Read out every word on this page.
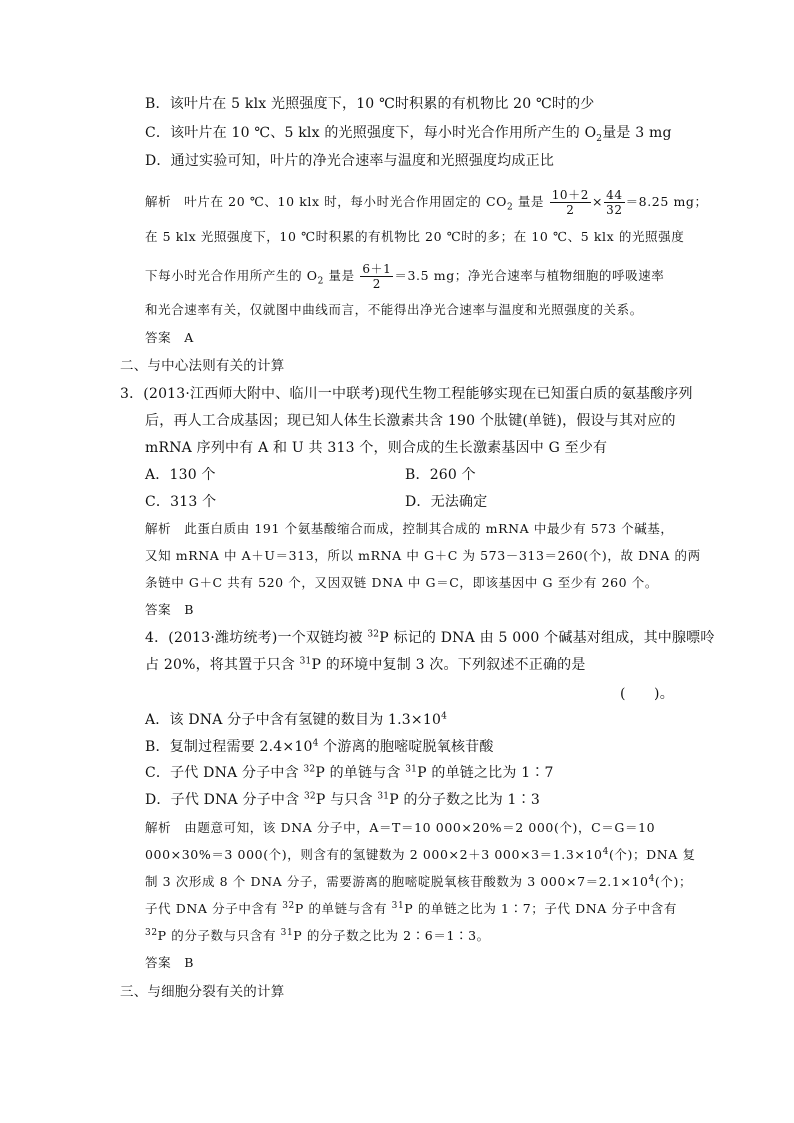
B．该叶片在 5 klx 光照强度下，10 ℃时积累的有机物比 20 ℃时的少
C．该叶片在 10 ℃、5 klx 的光照强度下，每小时光合作用所产生的 $O_2$量是 3 mg
D．通过实验可知，叶片的净光合速率与温度和光照强度均成正比
解析　叶片在 20 ℃、10 klx 时，每小时光合作用固定的 $CO_2$ 量是 $\frac{10+2}{2} \times \frac{44}{32} =8.25$ mg；
在 5 klx 光照强度下，10 ℃时积累的有机物比 20 ℃时的多；在 10 ℃、5 klx 的光照强度
下每小时光合作用所产生的 $O_2$ 量是 $\frac{6+1}{2} =3.5$ mg；净光合速率与植物细胞的呼吸速率
和光合速率有关，仅就图中曲线而言，不能得出净光合速率与温度和光照强度的关系。
答案　A
二、与中心法则有关的计算
3．(2013·江西师大附中、临川一中联考)现代生物工程能够实现在已知蛋白质的氨基酸序列
后，再人工合成基因；现已知人体生长激素共含 190 个肽键(单链)，假设与其对应的
mRNA 序列中有 A 和 U 共 313 个，则合成的生长激素基因中 G 至少有
A．130 个	B．260 个
C．313 个	D．无法确定
解析　此蛋白质由 191 个氨基酸缩合而成，控制其合成的 mRNA 中最少有 573 个碱基，
又知 mRNA 中 A＋U＝313，所以 mRNA 中 G＋C 为 573－313＝260(个)，故 DNA 的两
条链中 G＋C 共有 520 个，又因双链 DNA 中 G＝C，即该基因中 G 至少有 260 个。
答案　B
4．(2013·潍坊统考)一个双链均被 $^{32}$P 标记的 DNA 由 5 000 个碱基对组成，其中腺嘌呤
占 20%，将其置于只含 $^{31}$P 的环境中复制 3 次。下列叙述不正确的是
(　　)。
A．该 DNA 分子中含有氢键的数目为 $1.3\times 10^4$
B．复制过程需要 $2.4\times 10^4$ 个游离的胞嘧啶脱氧核苷酸
C．子代 DNA 分子中含 $^{32}$P 的单链与含 $^{31}$P 的单链之比为 1∶7
D．子代 DNA 分子中含 $^{32}$P 与只含 $^{31}$P 的分子数之比为 1∶3
解析　由题意可知，该 DNA 分子中，A＝T＝10 000×20%＝2 000(个)，C＝G＝10
000×30%＝3 000(个)，则含有的氢键数为 2 000×2＋3 $000\times 3=1.3\times 10^4$(个)；DNA 复
制 3 次形成 8 个 DNA 分子，需要游离的胞嘧啶脱氧核苷酸数为 3 $000\times 7=2.1\times 10^4$(个)；
子代 DNA 分子中含有 $^{32}$P 的单链与含有 $^{31}$P 的单链之比为 1∶7；子代 DNA 分子中含有
$^{32}$P 的分子数与只含有 $^{31}$P 的分子数之比为 2∶6＝1∶3。
答案　B
三、与细胞分裂有关的计算
